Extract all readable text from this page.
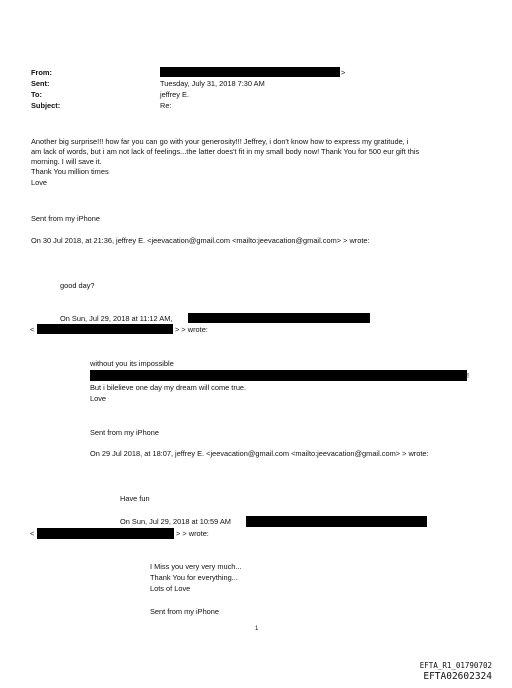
From:	>
Sent:	Tuesday, July 31, 2018 7:30 AM
To:	jeffrey E.
Subject:	Re:
Another big surprise!!! how far you can go with your generosity!!! Jeffrey, i don't know how to express my gratitude, i
am lack of words, but i am not lack of feelings...the latter does't fit in my small body now! Thank You for 500 eur gift this
morning. I will save it.
Thank You million times
Love
Sent from my iPhone
On 30 Jul 2018, at 21:36, jeffrey E. <jeevacation@gmail.com <mailto:jeevacation@gmail.com> > wrote:
good day?
On Sun, Jul 29, 2018 at 11:12 AM,
<	> > wrote:
without you its impossible
!
But i bilelieve one day my dream will come true.
Love
Sent from my iPhone
On 29 Jul 2018, at 18:07, jeffrey E. <jeevacation@gmail.com <mailto:jeevacation@gmail.com> > wrote:
Have fun
On Sun, Jul 29, 2018 at 10:59 AM
<	> > wrote:
I Miss you very very much...
Thank You for everything...
Lots of Love
Sent from my iPhone
1
EFTA_R1_01790702
EFTA02602324
